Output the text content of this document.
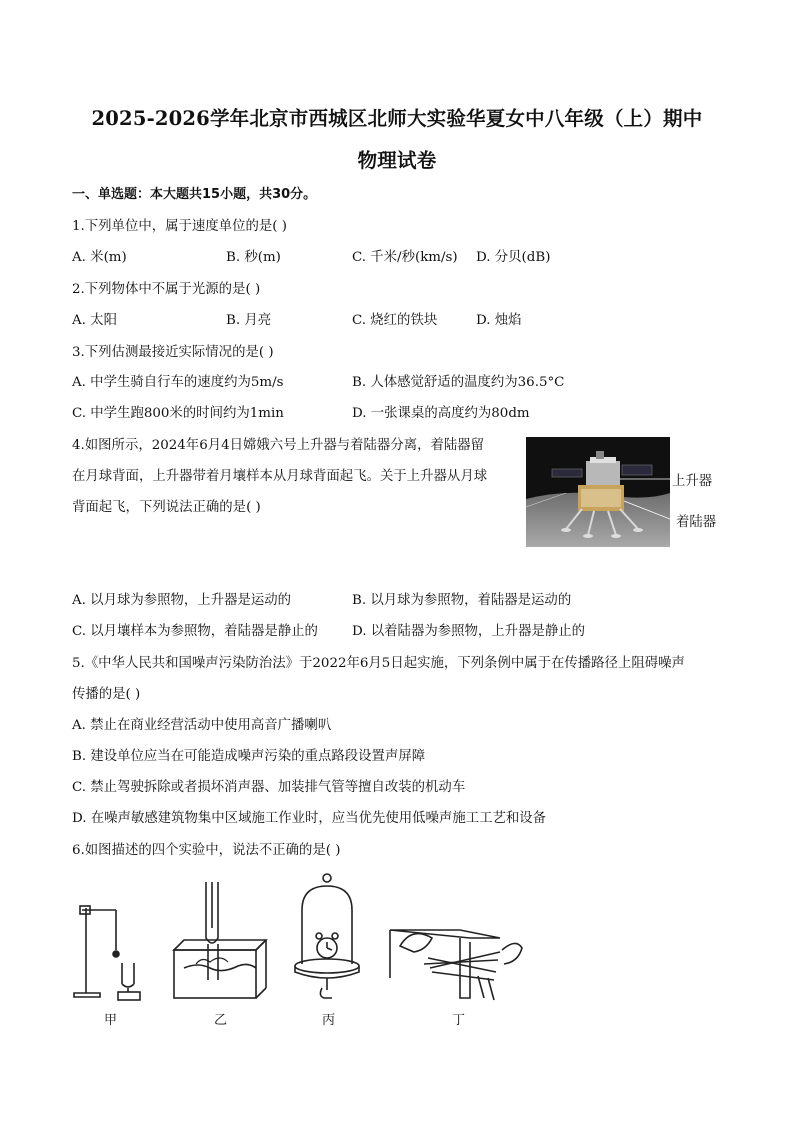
2025-2026学年北京市西城区北师大实验华夏女中八年级（上）期中
物理试卷
一、单选题：本大题共15小题，共30分。
1.下列单位中，属于速度单位的是( )
A. 米(m)	B. 秒(m)	C. 千米/秒(km/s) D. 分贝(dB)
2.下列物体中不属于光源的是( )
A. 太阳	B. 月亮	C. 烧红的铁块	D. 烛焰
3.下列估测最接近实际情况的是( )
A. 中学生骑自行车的速度约为5m/s	B. 人体感觉舒适的温度约为36.5°C
C. 中学生跑800米的时间约为1min	D. 一张课桌的高度约为80dm
4.如图所示，2024年6月4日嫦娥六号上升器与着陆器分离，着陆器留
在月球背面，上升器带着月壤样本从月球背面起飞。关于上升器从月球
背面起飞，下列说法正确的是( )
上升器
着陆器
A. 以月球为参照物，上升器是运动的	B. 以月球为参照物，着陆器是运动的
C. 以月壤样本为参照物，着陆器是静止的	D. 以着陆器为参照物，上升器是静止的
5.《中华人民共和国噪声污染防治法》于2022年6月5日起实施，下列条例中属于在传播路径上阻碍噪声
传播的是( )
A. 禁止在商业经营活动中使用高音广播喇叭
B. 建设单位应当在可能造成噪声污染的重点路段设置声屏障
C. 禁止驾驶拆除或者损坏消声器、加装排气管等擅自改装的机动车
D. 在噪声敏感建筑物集中区域施工作业时，应当优先使用低噪声施工工艺和设备
6.如图描述的四个实验中，说法不正确的是( )
甲	乙	丙	丁
